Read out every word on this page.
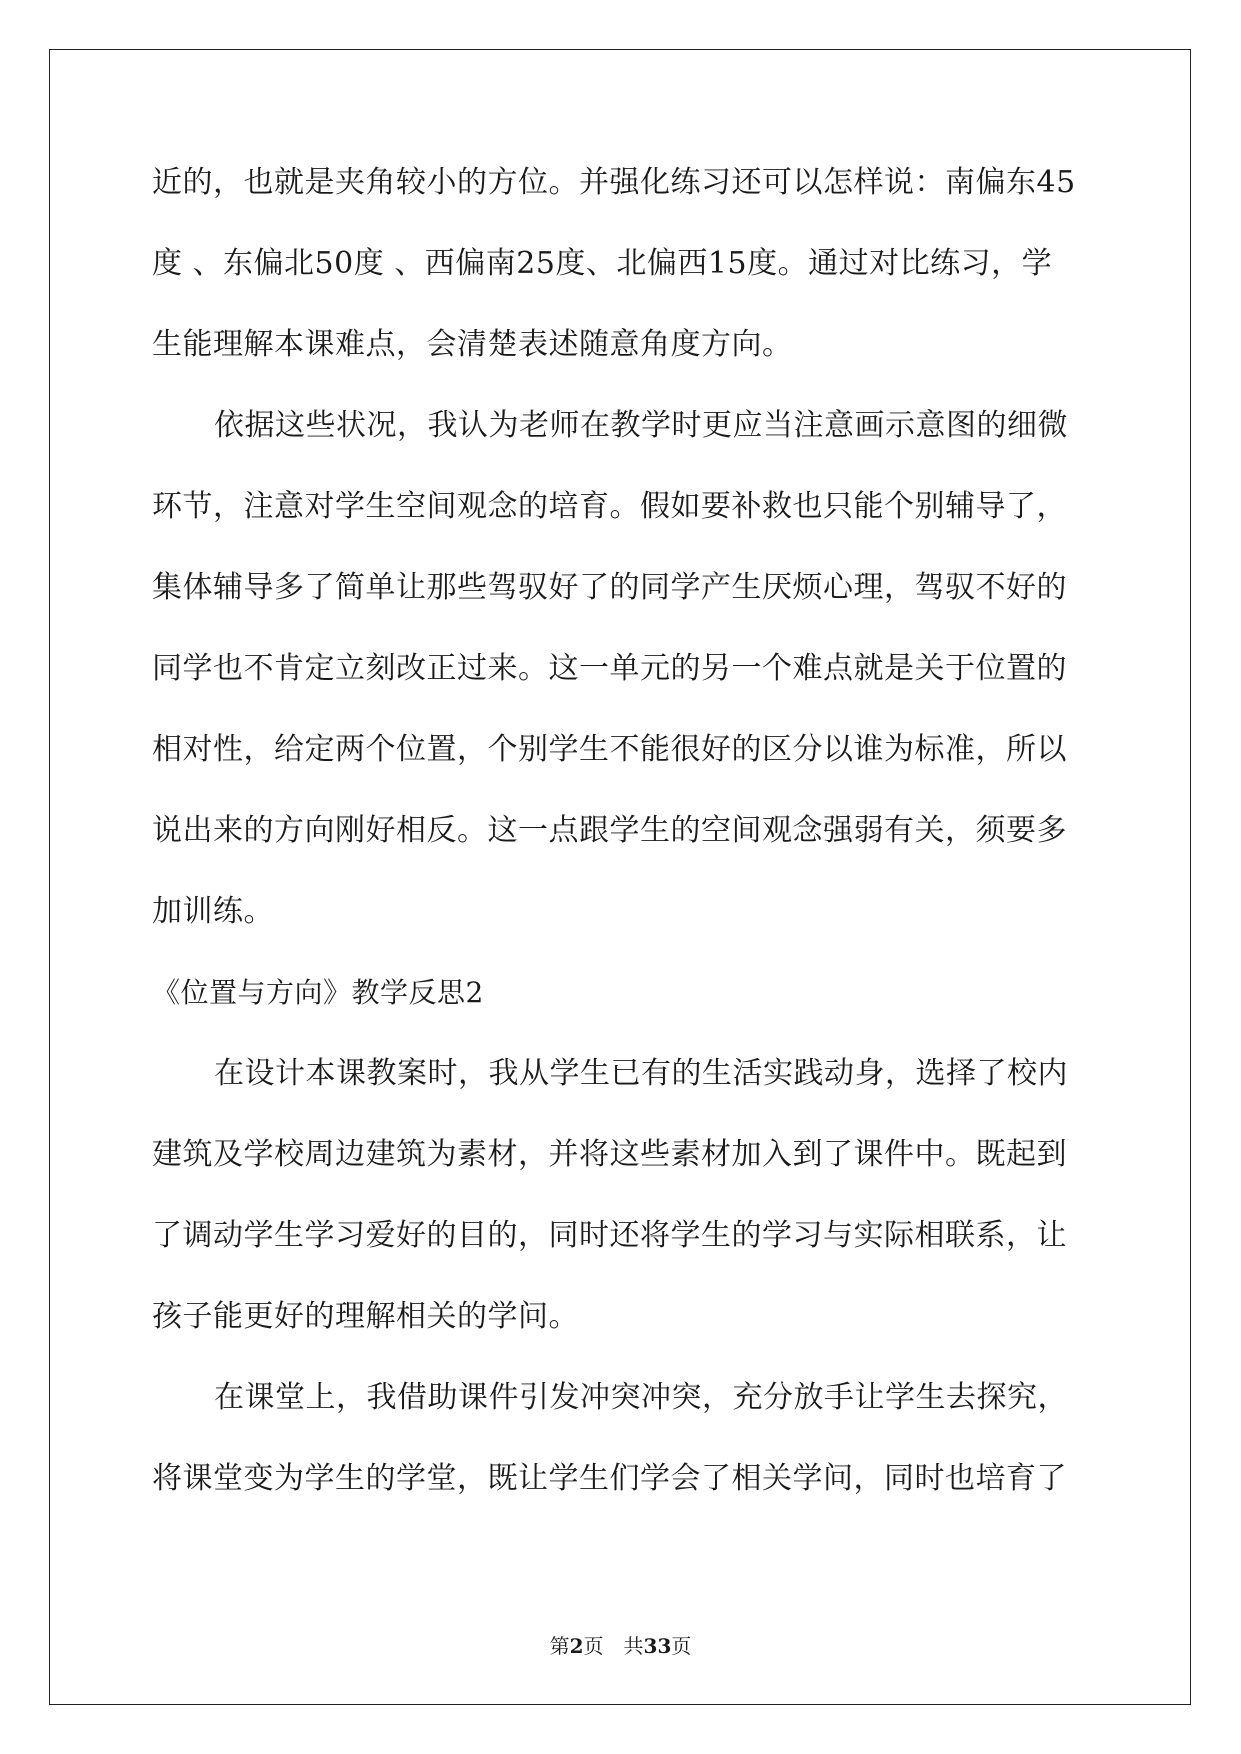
近的，也就是夹角较小的方位。并强化练习还可以怎样说：南偏东45
度 、东偏北50度 、西偏南25度、北偏西15度。通过对比练习，学
生能理解本课难点，会清楚表述随意角度方向。
依据这些状况，我认为老师在教学时更应当注意画示意图的细微
环节，注意对学生空间观念的培育。假如要补救也只能个别辅导了，
集体辅导多了简单让那些驾驭好了的同学产生厌烦心理，驾驭不好的
同学也不肯定立刻改正过来。这一单元的另一个难点就是关于位置的
相对性，给定两个位置，个别学生不能很好的区分以谁为标准，所以
说出来的方向刚好相反。这一点跟学生的空间观念强弱有关，须要多
加训练。
《位置与方向》教学反思2
在设计本课教案时，我从学生已有的生活实践动身，选择了校内
建筑及学校周边建筑为素材，并将这些素材加入到了课件中。既起到
了调动学生学习爱好的目的，同时还将学生的学习与实际相联系，让
孩子能更好的理解相关的学问。
在课堂上，我借助课件引发冲突冲突，充分放手让学生去探究，
将课堂变为学生的学堂，既让学生们学会了相关学问，同时也培育了
第2页 共33页
